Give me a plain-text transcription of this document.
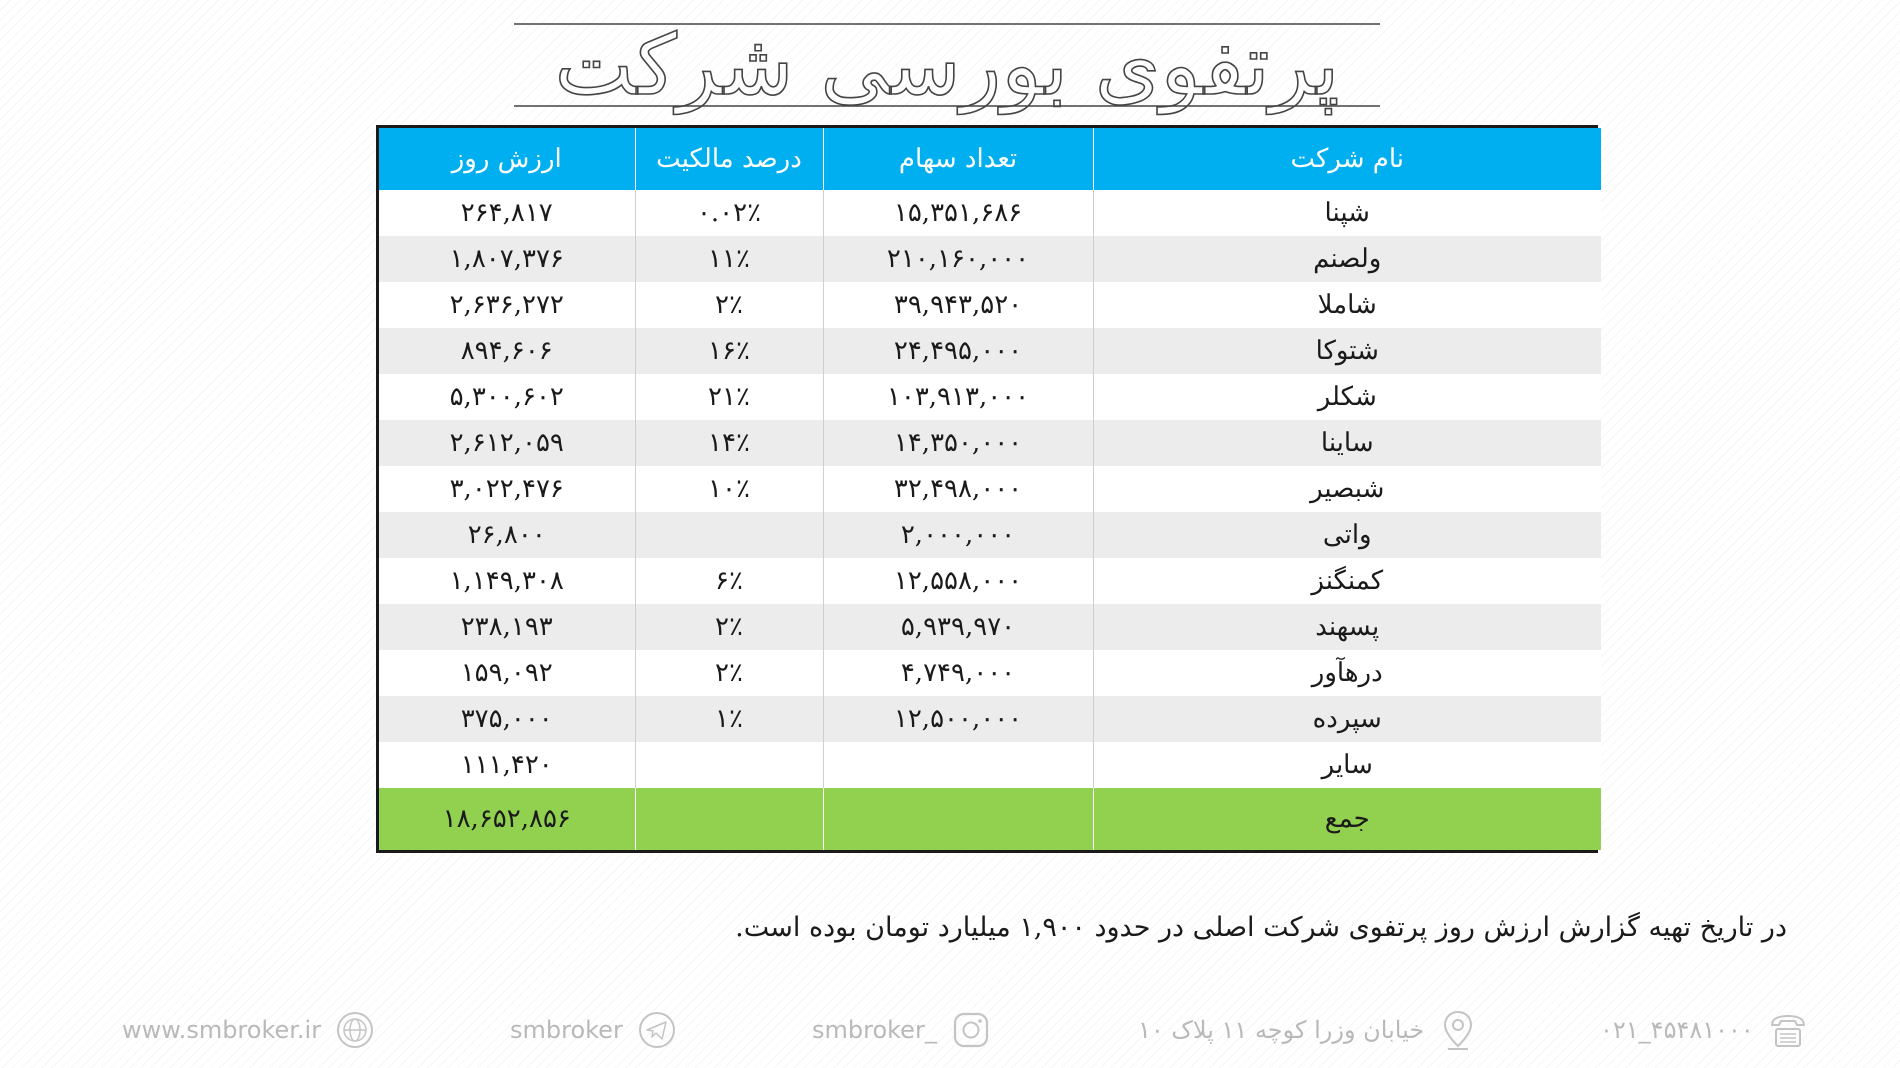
پرتفوی بورسی شرکت
نام شرکت	تعداد سهام	درصد مالکیت	ارزش روز
شپنا	۱۵,۳۵۱,۶۸۶	۰.۰۲٪	۲۶۴,۸۱۷
ولصنم	۲۱۰,۱۶۰,۰۰۰	۱۱٪	۱,۸۰۷,۳۷۶
شاملا	۳۹,۹۴۳,۵۲۰	۲٪	۲,۶۳۶,۲۷۲
شتوکا	۲۴,۴۹۵,۰۰۰	۱۶٪	۸۹۴,۶۰۶
شکلر	۱۰۳,۹۱۳,۰۰۰	۲۱٪	۵,۳۰۰,۶۰۲
ساینا	۱۴,۳۵۰,۰۰۰	۱۴٪	۲,۶۱۲,۰۵۹
شبصیر	۳۲,۴۹۸,۰۰۰	۱۰٪	۳,۰۲۲,۴۷۶
واتی	۲,۰۰۰,۰۰۰		۲۶,۸۰۰
کمنگنز	۱۲,۵۵۸,۰۰۰	۶٪	۱,۱۴۹,۳۰۸
پسهند	۵,۹۳۹,۹۷۰	۲٪	۲۳۸,۱۹۳
درهآور	۴,۷۴۹,۰۰۰	۲٪	۱۵۹,۰۹۲
سپرده	۱۲,۵۰۰,۰۰۰	۱٪	۳۷۵,۰۰۰
سایر			۱۱۱,۴۲۰
جمع			۱۸,۶۵۲,۸۵۶
در تاریخ تهیه گزارش ارزش روز پرتفوی شرکت اصلی در حدود ۱,۹۰۰ میلیارد تومان بوده است.
www.smbroker.ir	smbroker	smbroker_	خیابان وزرا کوچه ۱۱ پلاک ۱۰	۰۲۱_۴۵۴۸۱۰۰۰
